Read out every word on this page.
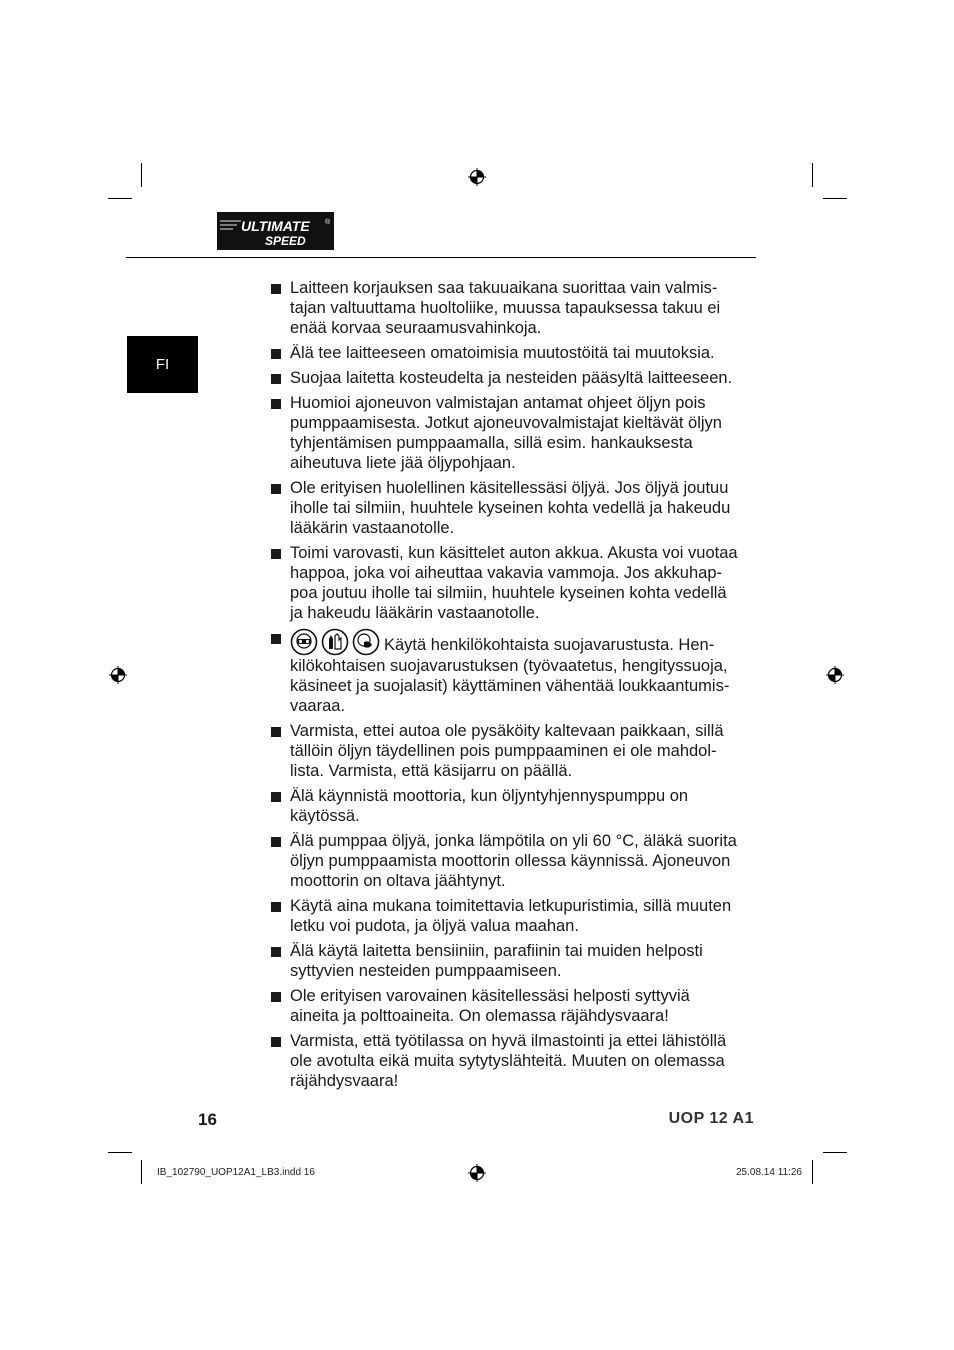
ULTIMATE
SPEED
®
FI
Laitteen korjauksen saa takuuaikana suorittaa vain valmis-tajan valtuuttama huoltoliike, muussa tapauksessa takuu ei enää korvaa seuraamusvahinkoja.
Älä tee laitteeseen omatoimisia muutostöitä tai muutoksia.
Suojaa laitetta kosteudelta ja nesteiden pääsyltä laitteeseen.
Huomioi ajoneuvon valmistajan antamat ohjeet öljyn pois pumppaamisesta. Jotkut ajoneuvovalmistajat kieltävät öljyn tyhjentämisen pumppaamalla, sillä esim. hankauksesta aiheutuva liete jää öljypohjaan.
Ole erityisen huolellinen käsitellessäsi öljyä. Jos öljyä joutuu iholle tai silmiin, huuhtele kyseinen kohta vedellä ja hakeudu lääkärin vastaanotolle.
Toimi varovasti, kun käsittelet auton akkua. Akusta voi vuotaa happoa, joka voi aiheuttaa vakavia vammoja. Jos akkuhap-poa joutuu iholle tai silmiin, huuhtele kyseinen kohta vedellä ja hakeudu lääkärin vastaanotolle.
Käytä henkilökohtaista suojavarustusta. Hen-kilökohtaisen suojavarustuksen (työvaatetus, hengityssuoja, käsineet ja suojalasit) käyttäminen vähentää loukkaantumis-vaaraa.
Varmista, ettei autoa ole pysäköity kaltevaan paikkaan, sillä tällöin öljyn täydellinen pois pumppaaminen ei ole mahdol-lista. Varmista, että käsijarru on päällä.
Älä käynnistä moottoria, kun öljyntyhjennyspumppu on käytössä.
Älä pumppaa öljyä, jonka lämpötila on yli 60 °C, äläkä suorita öljyn pumppaamista moottorin ollessa käynnissä. Ajoneuvon moottorin on oltava jäähtynyt.
Käytä aina mukana toimitettavia letkupuristimia, sillä muuten letku voi pudota, ja öljyä valua maahan.
Älä käytä laitetta bensiiniin, parafiinin tai muiden helposti syttyvien nesteiden pumppaamiseen.
Ole erityisen varovainen käsitellessäsi helposti syttyviä aineita ja polttoaineita. On olemassa räjähdysvaara!
Varmista, että työtilassa on hyvä ilmastointi ja ettei lähistöllä ole avotulta eikä muita sytytyslähteitä. Muuten on olemassa räjähdysvaara!
16	UOP 12 A1
IB_102790_UOP12A1_LB3.indd 16	25.08.14 11:26
